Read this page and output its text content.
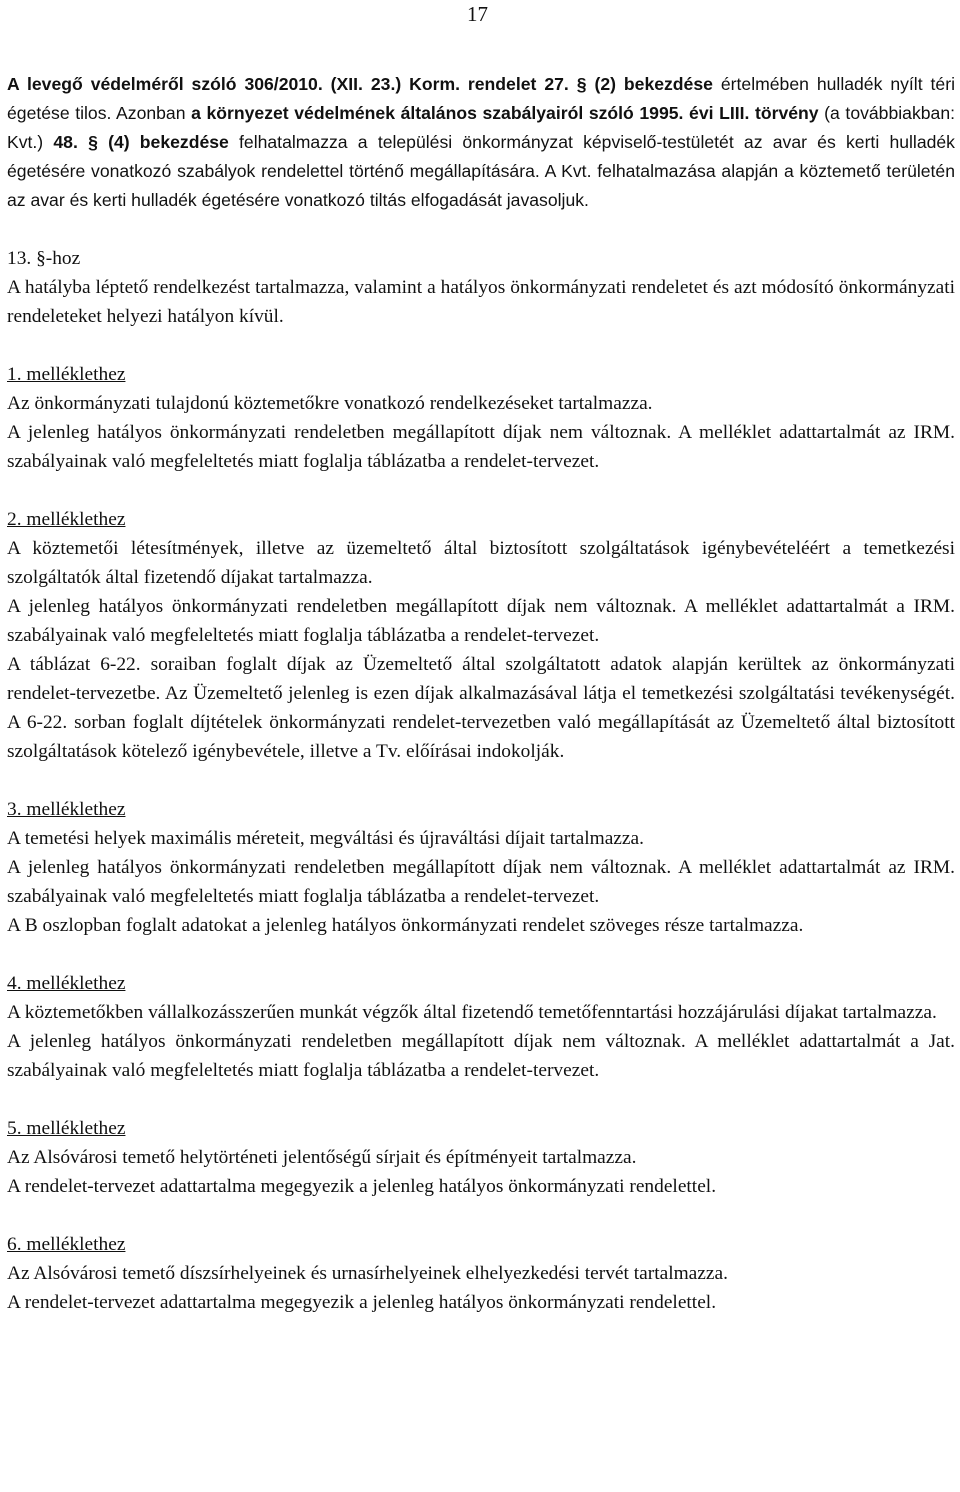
17

A levegő védelméről szóló 306/2010. (XII. 23.) Korm. rendelet 27. § (2) bekezdése értelmében hulladék nyílt téri égetése tilos. Azonban a környezet védelmének általános szabályairól szóló 1995. évi LIII. törvény (a továbbiakban: Kvt.) 48. § (4) bekezdése felhatalmazza a települési önkormányzat képviselő-testületét az avar és kerti hulladék égetésére vonatkozó szabályok rendelettel történő megállapítására. A Kvt. felhatalmazása alapján a köztemető területén az avar és kerti hulladék égetésére vonatkozó tiltás elfogadását javasoljuk.

13. §-hoz

A hatályba léptető rendelkezést tartalmazza, valamint a hatályos önkormányzati rendeletet és azt módosító önkormányzati rendeleteket helyezi hatályon kívül.

1. melléklethez

Az önkormányzati tulajdonú köztemetőkre vonatkozó rendelkezéseket tartalmazza.

A jelenleg hatályos önkormányzati rendeletben megállapított díjak nem változnak. A melléklet adattartalmát az IRM. szabályainak való megfeleltetés miatt foglalja táblázatba a rendelet-tervezet.

2. melléklethez

A köztemetői létesítmények, illetve az üzemeltető által biztosított szolgáltatások igénybevételéért a temetkezési szolgáltatók által fizetendő díjakat tartalmazza.

A jelenleg hatályos önkormányzati rendeletben megállapított díjak nem változnak. A melléklet adattartalmát a IRM. szabályainak való megfeleltetés miatt foglalja táblázatba a rendelet-tervezet.

A táblázat 6-22. soraiban foglalt díjak az Üzemeltető által szolgáltatott adatok alapján kerültek az önkormányzati rendelet-tervezetbe. Az Üzemeltető jelenleg is ezen díjak alkalmazásával látja el temetkezési szolgáltatási tevékenységét. A 6-22. sorban foglalt díjtételek önkormányzati rendelet-tervezetben való megállapítását az Üzemeltető által biztosított szolgáltatások kötelező igénybevétele, illetve a Tv. előírásai indokolják.

3. melléklethez

A temetési helyek maximális méreteit, megváltási és újraváltási díjait tartalmazza.

A jelenleg hatályos önkormányzati rendeletben megállapított díjak nem változnak. A melléklet adattartalmát az IRM. szabályainak való megfeleltetés miatt foglalja táblázatba a rendelet-tervezet.

A B oszlopban foglalt adatokat a jelenleg hatályos önkormányzati rendelet szöveges része tartalmazza.

4. melléklethez

A köztemetőkben vállalkozásszerűen munkát végzők által fizetendő temetőfenntartási hozzájárulási díjakat tartalmazza.

A jelenleg hatályos önkormányzati rendeletben megállapított díjak nem változnak. A melléklet adattartalmát a Jat. szabályainak való megfeleltetés miatt foglalja táblázatba a rendelet-tervezet.

5. melléklethez

Az Alsóvárosi temető helytörténeti jelentőségű sírjait és építményeit tartalmazza.

A rendelet-tervezet adattartalma megegyezik a jelenleg hatályos önkormányzati rendelettel.

6. melléklethez

Az Alsóvárosi temető díszsírhelyeinek és urnasírhelyeinek elhelyezkedési tervét tartalmazza.

A rendelet-tervezet adattartalma megegyezik a jelenleg hatályos önkormányzati rendelettel.
